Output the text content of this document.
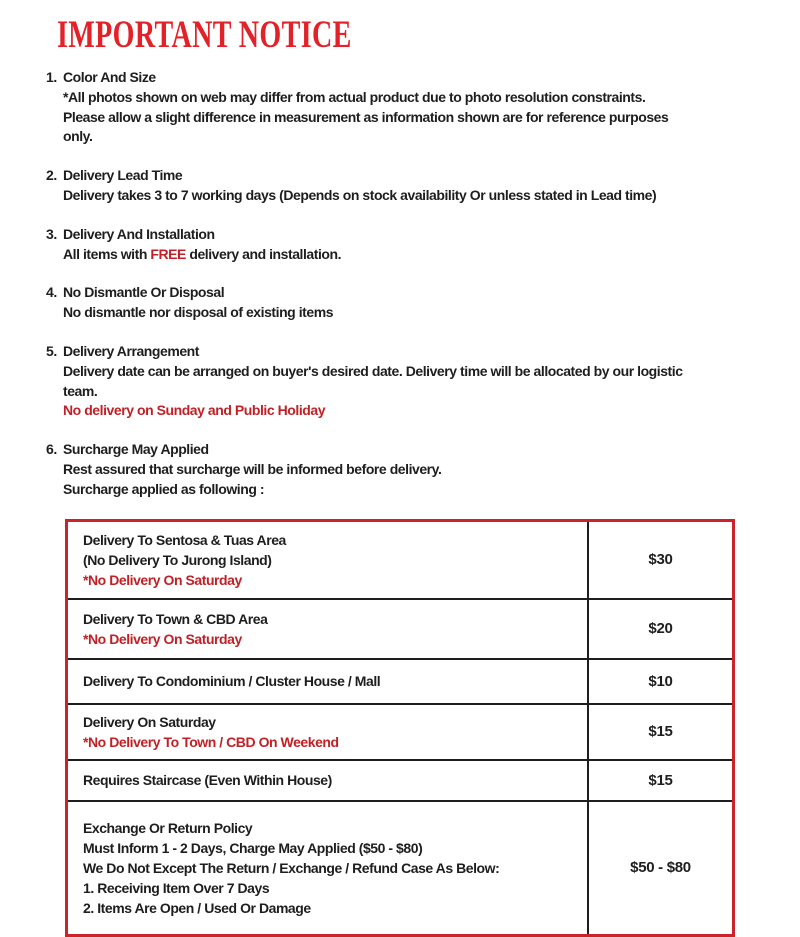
IMPORTANT NOTICE
1. Color And Size
*All photos shown on web may differ from actual product due to photo resolution constraints.
Please allow a slight difference in measurement as information shown are for reference purposes
only.
2. Delivery Lead Time
Delivery takes 3 to 7 working days (Depends on stock availability Or unless stated in Lead time)
3. Delivery And Installation
All items with FREE delivery and installation.
4. No Dismantle Or Disposal
No dismantle nor disposal of existing items
5. Delivery Arrangement
Delivery date can be arranged on buyer's desired date. Delivery time will be allocated by our logistic
team.
No delivery on Sunday and Public Holiday
6. Surcharge May Applied
Rest assured that surcharge will be informed before delivery.
Surcharge applied as following :
Delivery To Sentosa & Tuas Area
(No Delivery To Jurong Island)
*No Delivery On Saturday
$30
Delivery To Town & CBD Area
*No Delivery On Saturday
$20
Delivery To Condominium / Cluster House / Mall	$10
Delivery On Saturday
*No Delivery To Town / CBD On Weekend
$15
Requires Staircase (Even Within House)	$15
Exchange Or Return Policy
Must Inform 1 - 2 Days, Charge May Applied ($50 - $80)
We Do Not Except The Return / Exchange / Refund Case As Below:
1. Receiving Item Over 7 Days
2. Items Are Open / Used Or Damage
$50 - $80
